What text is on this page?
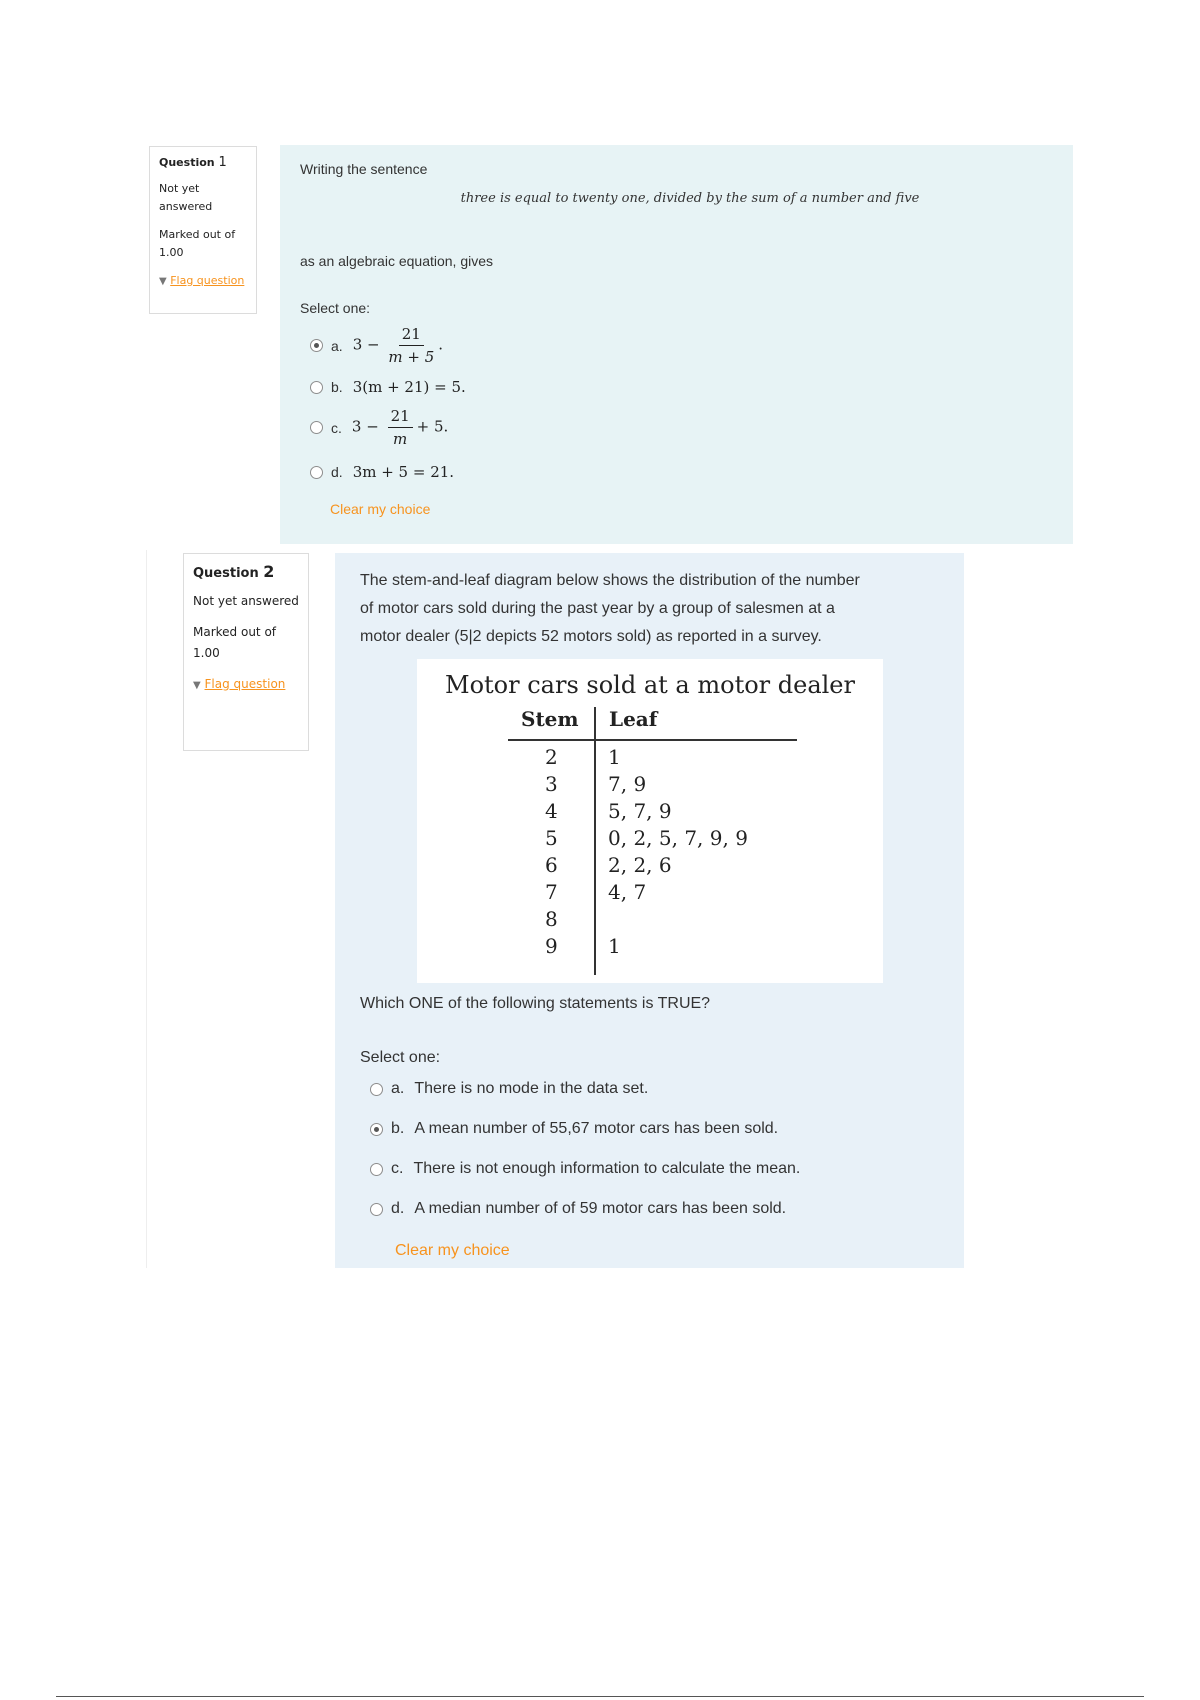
Question 1
Not yet answered
Marked out of 1.00
▼ Flag question
Writing the sentence
three is equal to twenty one, divided by the sum of a number and five
as an algebraic equation, gives
Select one:
a. $3 - \frac{21}{m + 5}$ .
b. 3(m + 21) = 5.
c. $3 - \frac{21}{m} + 5$.
d. 3m + 5 = 21.
Clear my choice
Question 2
Not yet answered
Marked out of 1.00
▼ Flag question
The stem-and-leaf diagram below shows the distribution of the number
of motor cars sold during the past year by a group of salesmen at a
motor dealer (5|2 depicts 52 motors sold) as reported in a survey.
Motor cars sold at a motor dealer
Stem Leaf
2	1
3	7, 9
4	5, 7, 9
5	0, 2, 5, 7, 9, 9
6	2, 2, 6
7	4, 7
8
9	1
Which ONE of the following statements is TRUE?
Select one:
a. There is no mode in the data set.
b. A mean number of 55,67 motor cars has been sold.
c. There is not enough information to calculate the mean.
d. A median number of of 59 motor cars has been sold.
Clear my choice
